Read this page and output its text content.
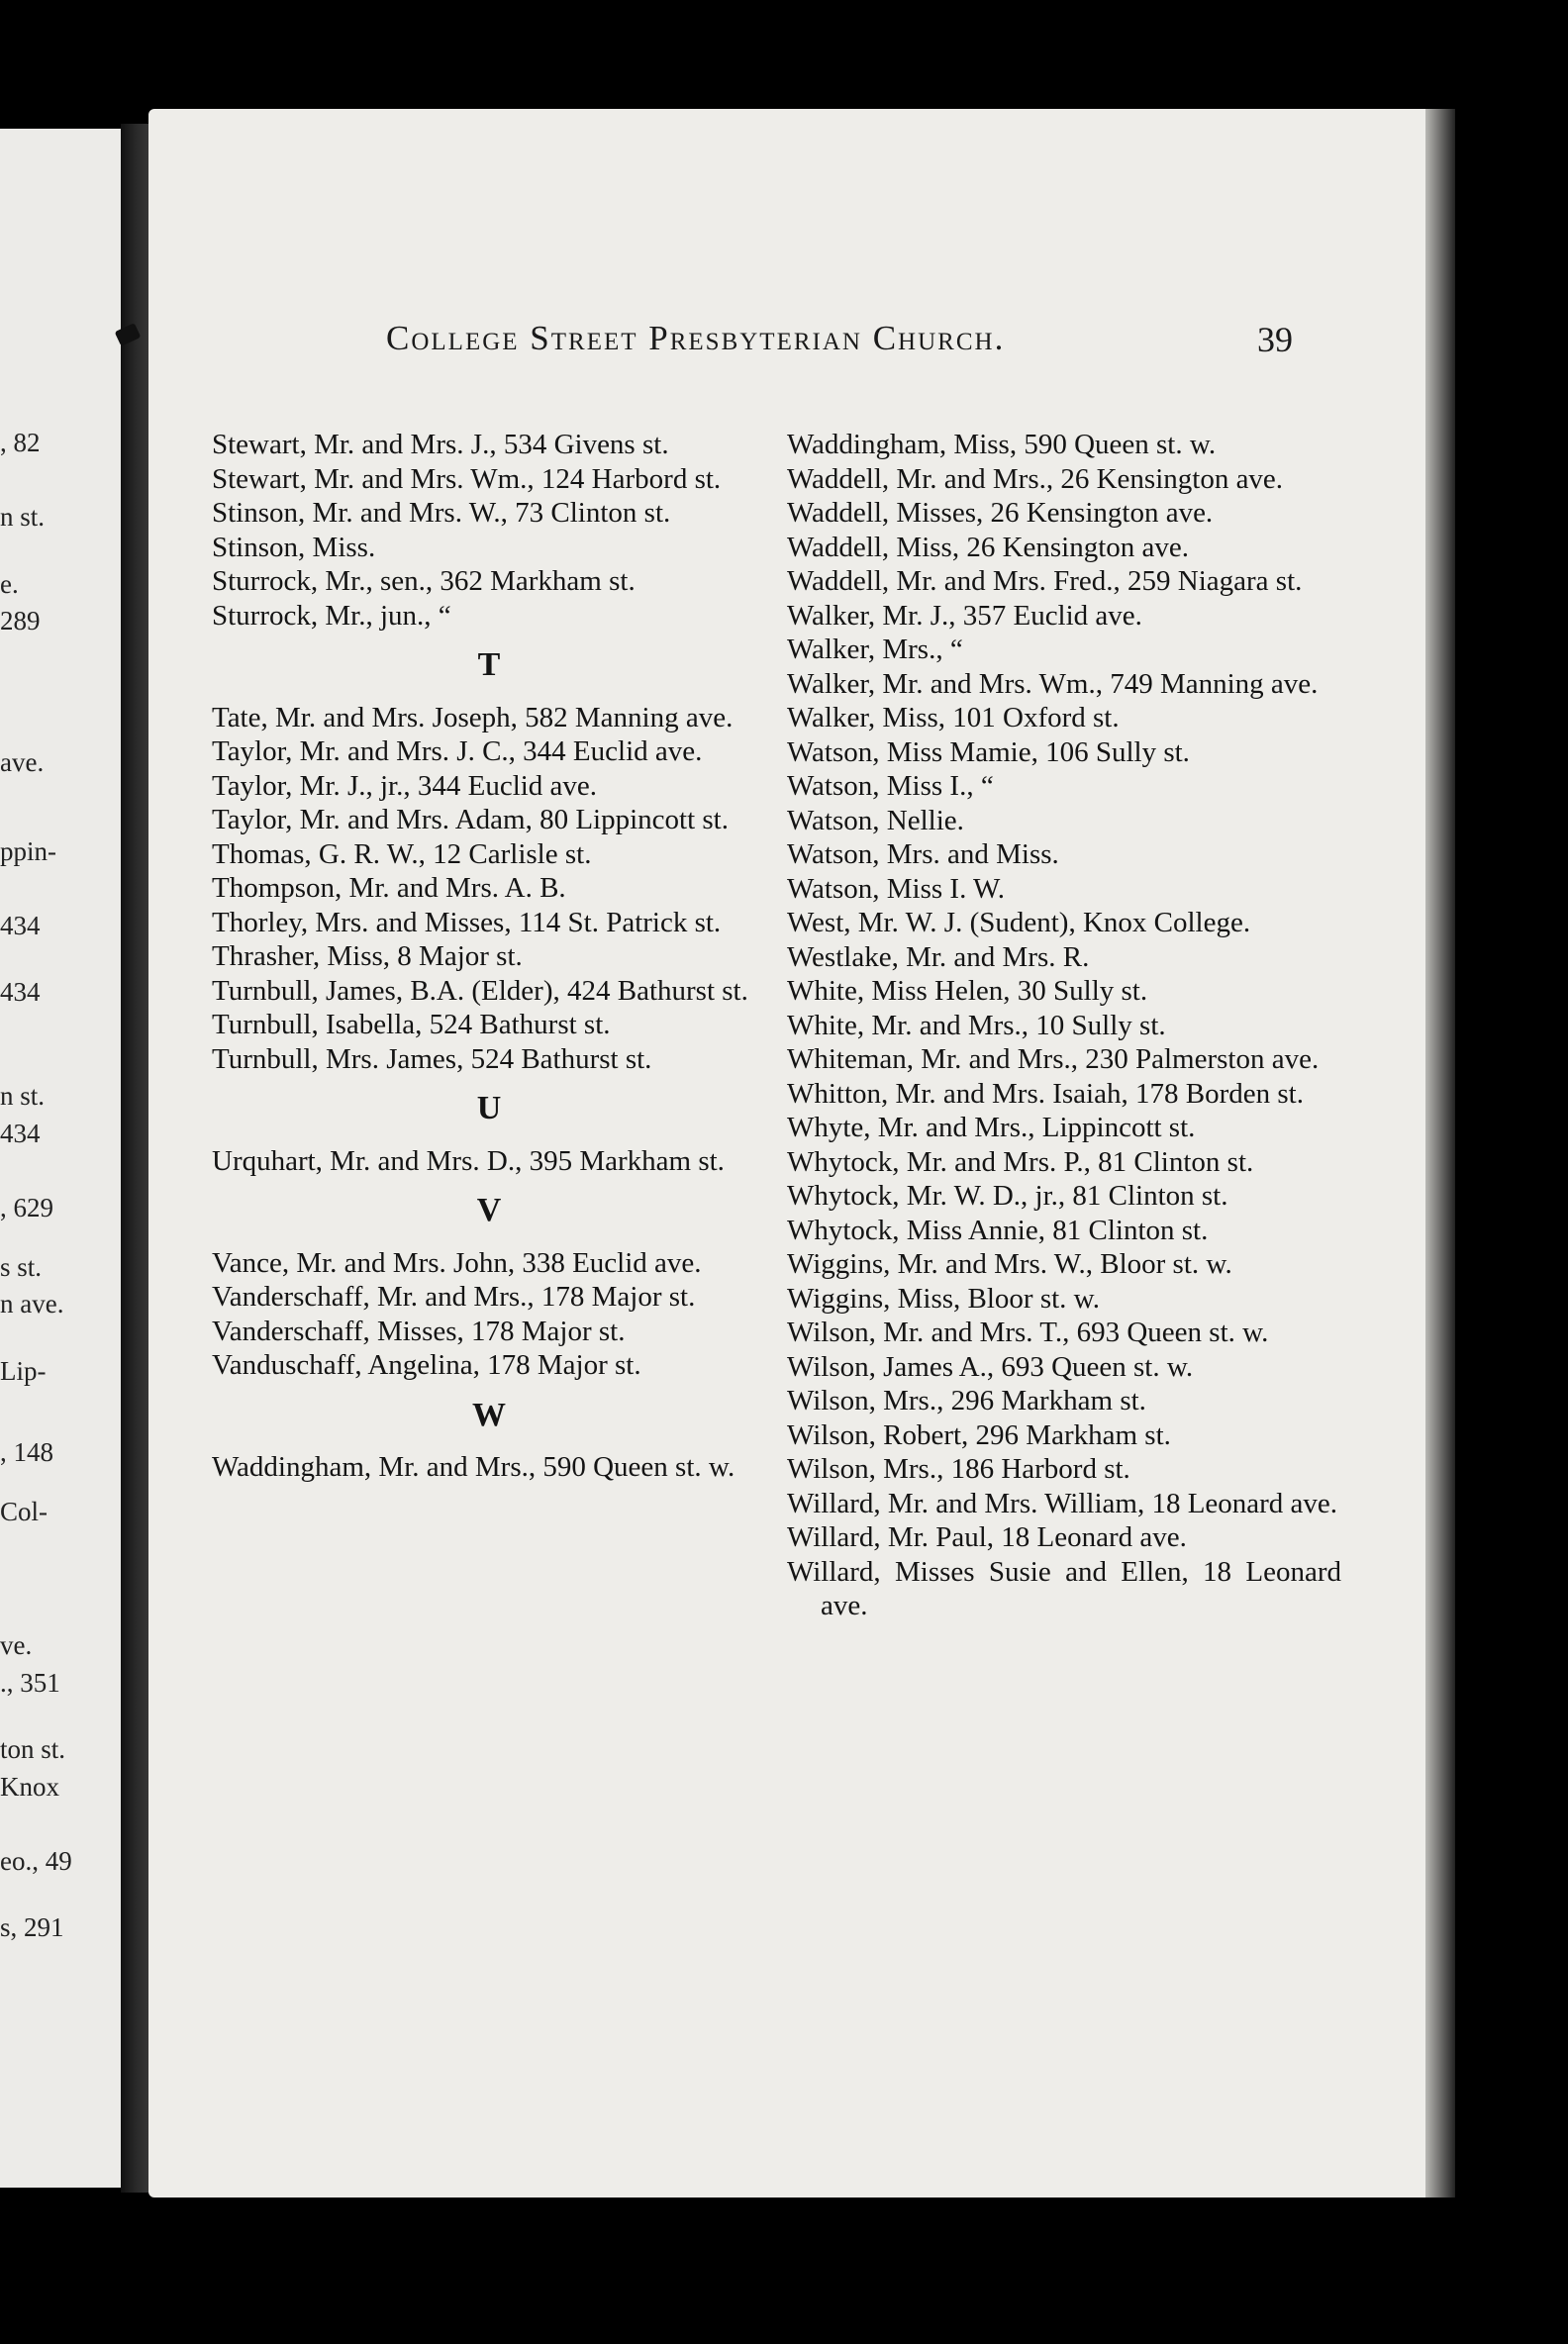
, 82
n st.
e.
289
ave.
ppin-
434
434
n st.
434
, 629
s st.
n ave.
Lip-
, 148
Col-
ve.
., 351
ton st.
Knox
eo., 49
s, 291
College Street Presbyterian Church.	39

Stewart, Mr. and Mrs. J., 534 Givens st.

Stewart, Mr. and Mrs. Wm., 124 Harbord st.

Stinson, Mr. and Mrs. W., 73 Clinton st.

Stinson, Miss.

Sturrock, Mr., sen., 362 Markham st.

Sturrock, Mr., jun., “

T

Tate, Mr. and Mrs. Joseph, 582 Manning ave.

Taylor, Mr. and Mrs. J. C., 344 Euclid ave.

Taylor, Mr. J., jr., 344 Euclid ave.

Taylor, Mr. and Mrs. Adam, 80 Lippincott st.

Thomas, G. R. W., 12 Carlisle st.

Thompson, Mr. and Mrs. A. B.

Thorley, Mrs. and Misses, 114 St. Patrick st.

Thrasher, Miss, 8 Major st.

Turnbull, James, B.A. (Elder), 424 Bathurst st.

Turnbull, Isabella, 524 Bathurst st.

Turnbull, Mrs. James, 524 Bathurst st.

U

Urquhart, Mr. and Mrs. D., 395 Markham st.

V

Vance, Mr. and Mrs. John, 338 Euclid ave.

Vanderschaff, Mr. and Mrs., 178 Major st.

Vanderschaff, Misses, 178 Major st.

Vanduschaff, Angelina, 178 Major st.

W

Waddingham, Mr. and Mrs., 590 Queen st. w.

Waddingham, Miss, 590 Queen st. w.

Waddell, Mr. and Mrs., 26 Kensington ave.

Waddell, Misses, 26 Kensington ave.

Waddell, Miss, 26 Kensington ave.

Waddell, Mr. and Mrs. Fred., 259 Niagara st.

Walker, Mr. J., 357 Euclid ave.

Walker, Mrs., “

Walker, Mr. and Mrs. Wm., 749 Manning ave.

Walker, Miss, 101 Oxford st.

Watson, Miss Mamie, 106 Sully st.

Watson, Miss I., “

Watson, Nellie.

Watson, Mrs. and Miss.

Watson, Miss I. W.

West, Mr. W. J. (Sudent), Knox College.

Westlake, Mr. and Mrs. R.

White, Miss Helen, 30 Sully st.

White, Mr. and Mrs., 10 Sully st.

Whiteman, Mr. and Mrs., 230 Palmerston ave.

Whitton, Mr. and Mrs. Isaiah, 178 Borden st.

Whyte, Mr. and Mrs., Lippincott st.

Whytock, Mr. and Mrs. P., 81 Clinton st.

Whytock, Mr. W. D., jr., 81 Clinton st.

Whytock, Miss Annie, 81 Clinton st.

Wiggins, Mr. and Mrs. W., Bloor st. w.

Wiggins, Miss, Bloor st. w.

Wilson, Mr. and Mrs. T., 693 Queen st. w.

Wilson, James A., 693 Queen st. w.

Wilson, Mrs., 296 Markham st.

Wilson, Robert, 296 Markham st.

Wilson, Mrs., 186 Harbord st.

Willard, Mr. and Mrs. William, 18 Leonard ave.

Willard, Mr. Paul, 18 Leonard ave.

Willard, Misses Susie and Ellen, 18 Leonard ave.
